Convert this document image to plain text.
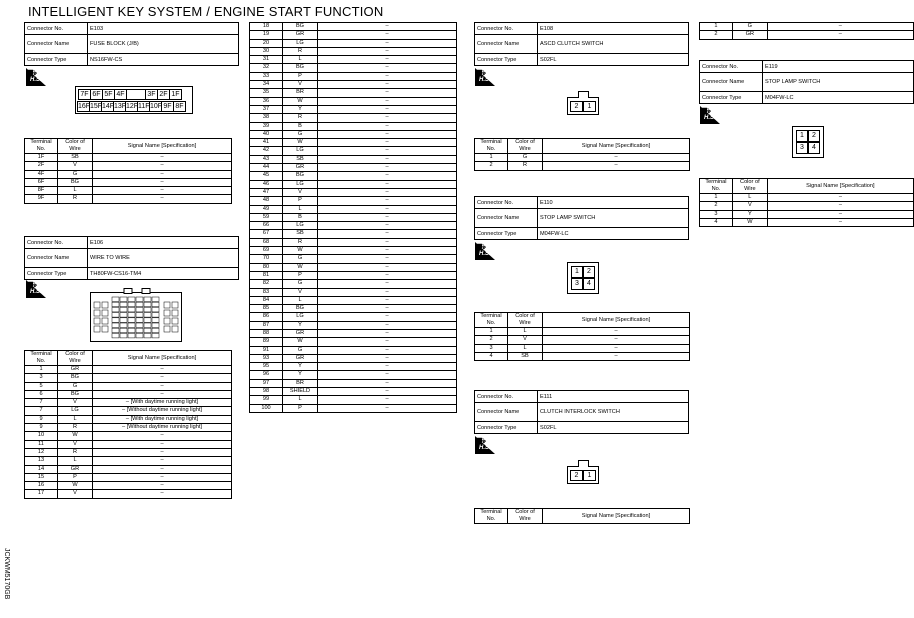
INTELLIGENT KEY SYSTEM / ENGINE START FUNCTION
JCKWM5170GB
Connector No.	E103
Connector Name	FUSE BLOCK (J/B)
Connector Type	NS16FW-CS
⛟
H.S.
7F 6F 5F 4F	3F 2F 1F
16F 15F 14F 13F 12F 11F 10F 9F 8F
Terminal No.	Color of Wire	Signal Name [Specification]
1F	SB	–
2F	V	–
4F	G	–
6F	BG	–
8F	L	–
9F	R	–
Connector No.	E106
Connector Name	WIRE TO WIRE
Connector Type	TH80FW-CS16-TM4
⛟
H.S.
Terminal No.	Color of Wire	Signal Name [Specification]
1	GR	–
3	BG	–
5	G	–
6	BG	–
7	V	– [With daytime running light]
7	LG	– [Without daytime running light]
9	L	– [With daytime running light]
9	R	– [Without daytime running light]
10	W	–
11	V	–
12	R	–
13	L	–
14	GR	–
15	P	–
16	W	–
17	V	–
18	BG	–
19	GR	–
20	LG	–
30	R	–
31	L	–
32	BG	–
33	P	–
34	V	–
35	BR	–
36	W	–
37	Y	–
38	R	–
39	B	–
40	G	–
41	W	–
42	LG	–
43	SB	–
44	GR	–
45	BG	–
46	LG	–
47	V	–
48	P	–
49	L	–
59	B	–
66	LG	–
67	SB	–
68	R	–
69	W	–
70	G	–
80	W	–
81	P	–
82	G	–
83	V	–
84	L	–
85	BG	–
86	LG	–
87	Y	–
88	GR	–
89	W	–
91	G	–
93	GR	–
95	Y	–
96	Y	–
97	BR	–
98	SHIELD	–
99	L	–
100	P	–
Connector No.	E108
Connector Name	ASCD CLUTCH SWITCH
Connector Type	S02FL
⛟
H.S.
2	1
Terminal No.	Color of Wire	Signal Name [Specification]
1	G	–
2	R	–
Connector No.	E110
Connector Name	STOP LAMP SWITCH
Connector Type	M04FW-LC
⛟
H.S.
1	2
3	4
Terminal No.	Color of Wire	Signal Name [Specification]
1	L	–
2	V	–
3	L	–
4	SB	–
Connector No.	E111
Connector Name	CLUTCH INTERLOCK SWITCH
Connector Type	S02FL
⛟
H.S.
2	1
Terminal No.	Color of Wire	Signal Name [Specification]
1	G	–
2	GR	–
Connector No.	E119
Connector Name	STOP LAMP SWITCH
Connector Type	M04FW-LC
⛟
H.S.
1	2
3	4
Terminal No.	Color of Wire	Signal Name [Specification]
1	L	–
2	V	–
3	Y	–
4	W	–
